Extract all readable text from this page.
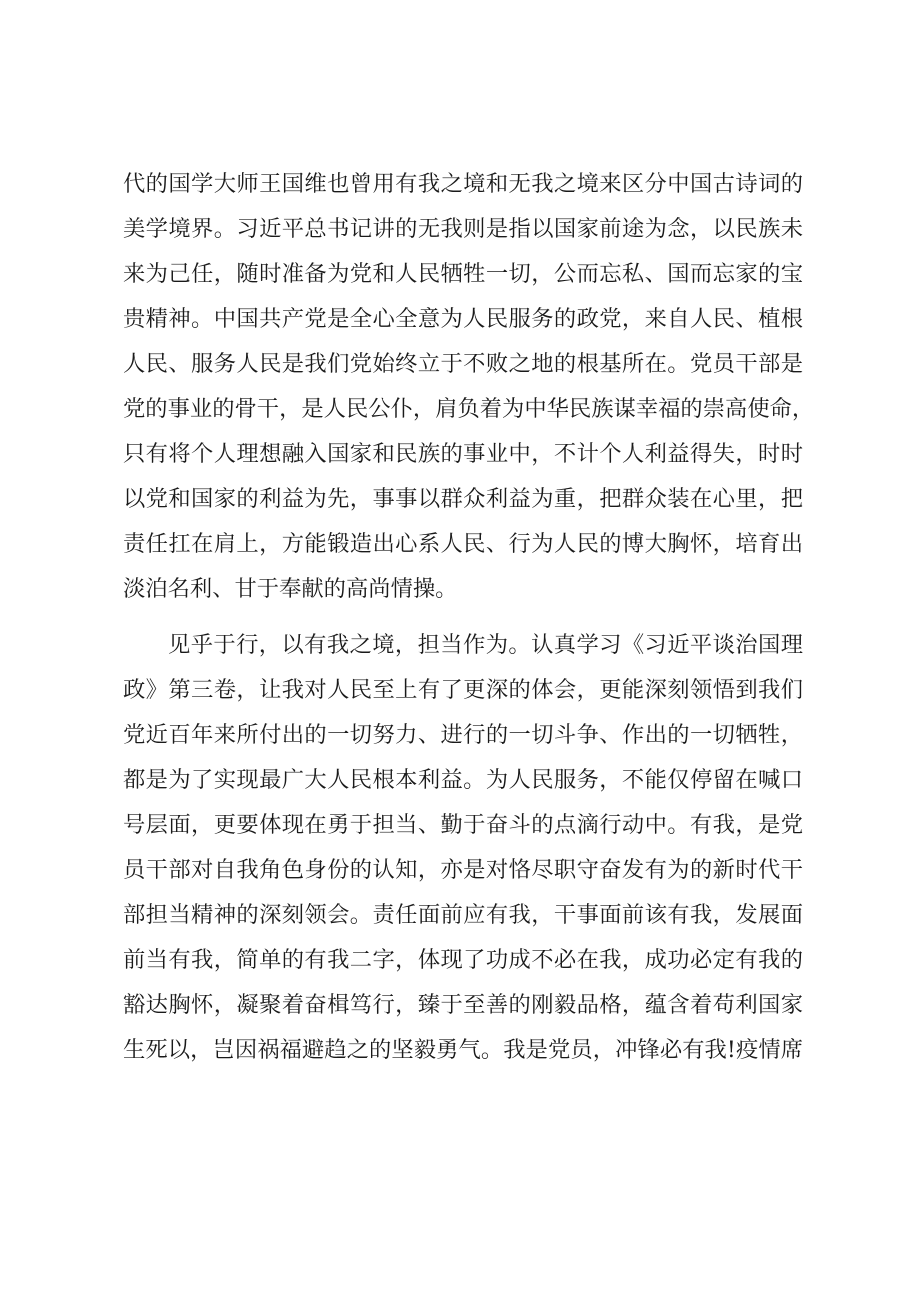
代的国学大师王国维也曾用有我之境和无我之境来区分中国古诗词的
美学境界。习近平总书记讲的无我则是指以国家前途为念，以民族未
来为己任，随时准备为党和人民牺牲一切，公而忘私、国而忘家的宝
贵精神。中国共产党是全心全意为人民服务的政党，来自人民、植根
人民、服务人民是我们党始终立于不败之地的根基所在。党员干部是
党的事业的骨干，是人民公仆，肩负着为中华民族谋幸福的崇高使命，
只有将个人理想融入国家和民族的事业中，不计个人利益得失，时时
以党和国家的利益为先，事事以群众利益为重，把群众装在心里，把
责任扛在肩上，方能锻造出心系人民、行为人民的博大胸怀，培育出
淡泊名利、甘于奉献的高尚情操。
见乎于行，以有我之境，担当作为。认真学习《习近平谈治国理
政》第三卷，让我对人民至上有了更深的体会，更能深刻领悟到我们
党近百年来所付出的一切努力、进行的一切斗争、作出的一切牺牲，
都是为了实现最广大人民根本利益。为人民服务，不能仅停留在喊口
号层面，更要体现在勇于担当、勤于奋斗的点滴行动中。有我，是党
员干部对自我角色身份的认知，亦是对恪尽职守奋发有为的新时代干
部担当精神的深刻领会。责任面前应有我，干事面前该有我，发展面
前当有我，简单的有我二字，体现了功成不必在我，成功必定有我的
豁达胸怀，凝聚着奋楫笃行，臻于至善的刚毅品格，蕴含着苟利国家
生死以，岂因祸福避趋之的坚毅勇气。我是党员，冲锋必有我!疫情席
